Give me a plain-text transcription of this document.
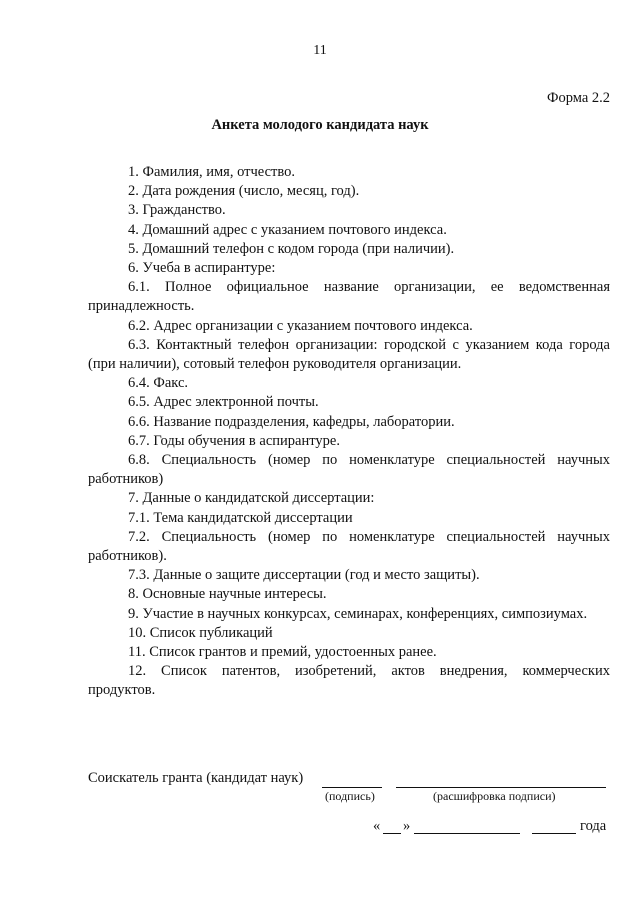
11
Форма 2.2
Анкета молодого кандидата наук

1. Фамилия, имя, отчество.

2. Дата рождения (число, месяц, год).

3. Гражданство.

4. Домашний адрес с указанием почтового индекса.

5. Домашний телефон с кодом города (при наличии).

6. Учеба в аспирантуре:

6.1. Полное официальное название организации, ее ведомственная принадлежность.

6.2. Адрес организации с указанием почтового индекса.

6.3. Контактный телефон организации: городской с указанием кода города (при наличии), сотовый телефон руководителя организации.

6.4. Факс.

6.5. Адрес электронной почты.

6.6. Название подразделения, кафедры, лаборатории.

6.7. Годы обучения в аспирантуре.

6.8. Специальность (номер по номенклатуре специальностей научных работников)

7. Данные о кандидатской диссертации:

7.1. Тема кандидатской диссертации

7.2. Специальность (номер по номенклатуре специальностей научных работников).

7.3. Данные о защите диссертации (год и место защиты).

8. Основные научные интересы.

9. Участие в научных конкурсах, семинарах, конференциях, симпозиумах.

10. Список публикаций

11. Список грантов и премий, удостоенных ранее.

12. Список патентов, изобретений, актов внедрения, коммерческих продуктов.

Соискатель гранта (кандидат наук)
(подпись)	(расшифровка подписи)
« »	года
